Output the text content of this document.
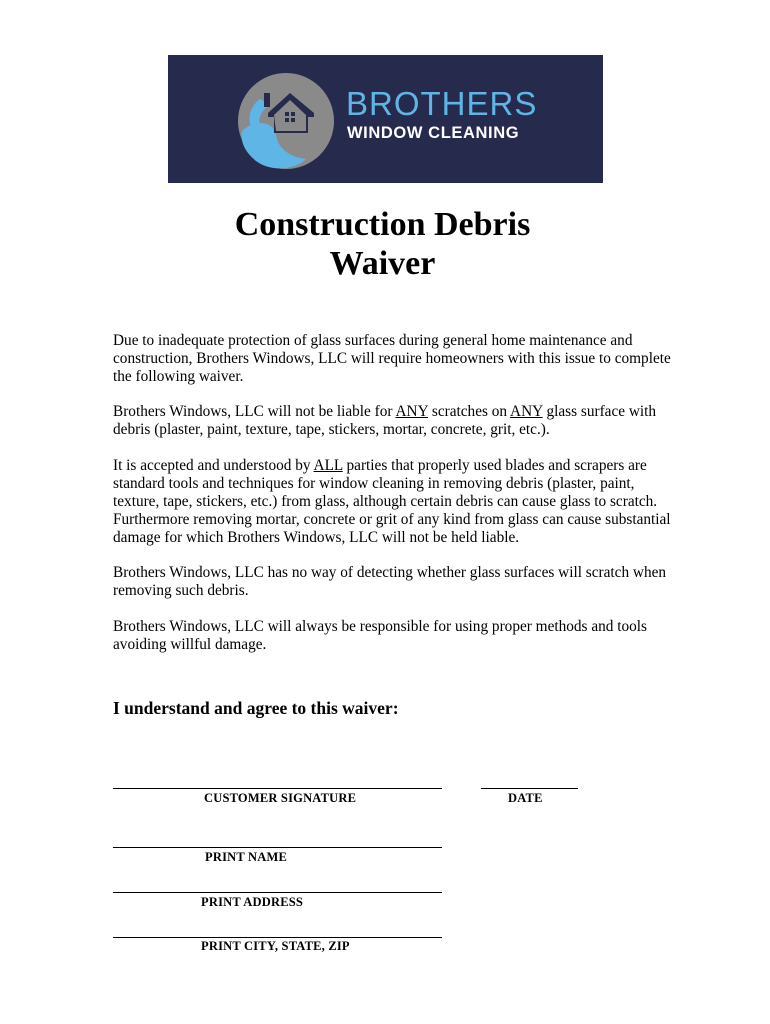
BROTHERS
WINDOW CLEANING
Construction Debris
Waiver

Due to inadequate protection of glass surfaces during general home maintenance and construction, Brothers Windows, LLC will require homeowners with this issue to complete the following waiver.

Brothers Windows, LLC will not be liable for ANY scratches on ANY glass surface with debris (plaster, paint, texture, tape, stickers, mortar, concrete, grit, etc.).

It is accepted and understood by ALL parties that properly used blades and scrapers are standard tools and techniques for window cleaning in removing debris (plaster, paint, texture, tape, stickers, etc.) from glass, although certain debris can cause glass to scratch. Furthermore removing mortar, concrete or grit of any kind from glass can cause substantial damage for which Brothers Windows, LLC will not be held liable.

Brothers Windows, LLC has no way of detecting whether glass surfaces will scratch when removing such debris.

Brothers Windows, LLC will always be responsible for using proper methods and tools avoiding willful damage.

I understand and agree to this waiver:
CUSTOMER SIGNATURE	DATE
PRINT NAME
PRINT ADDRESS
PRINT CITY, STATE, ZIP
